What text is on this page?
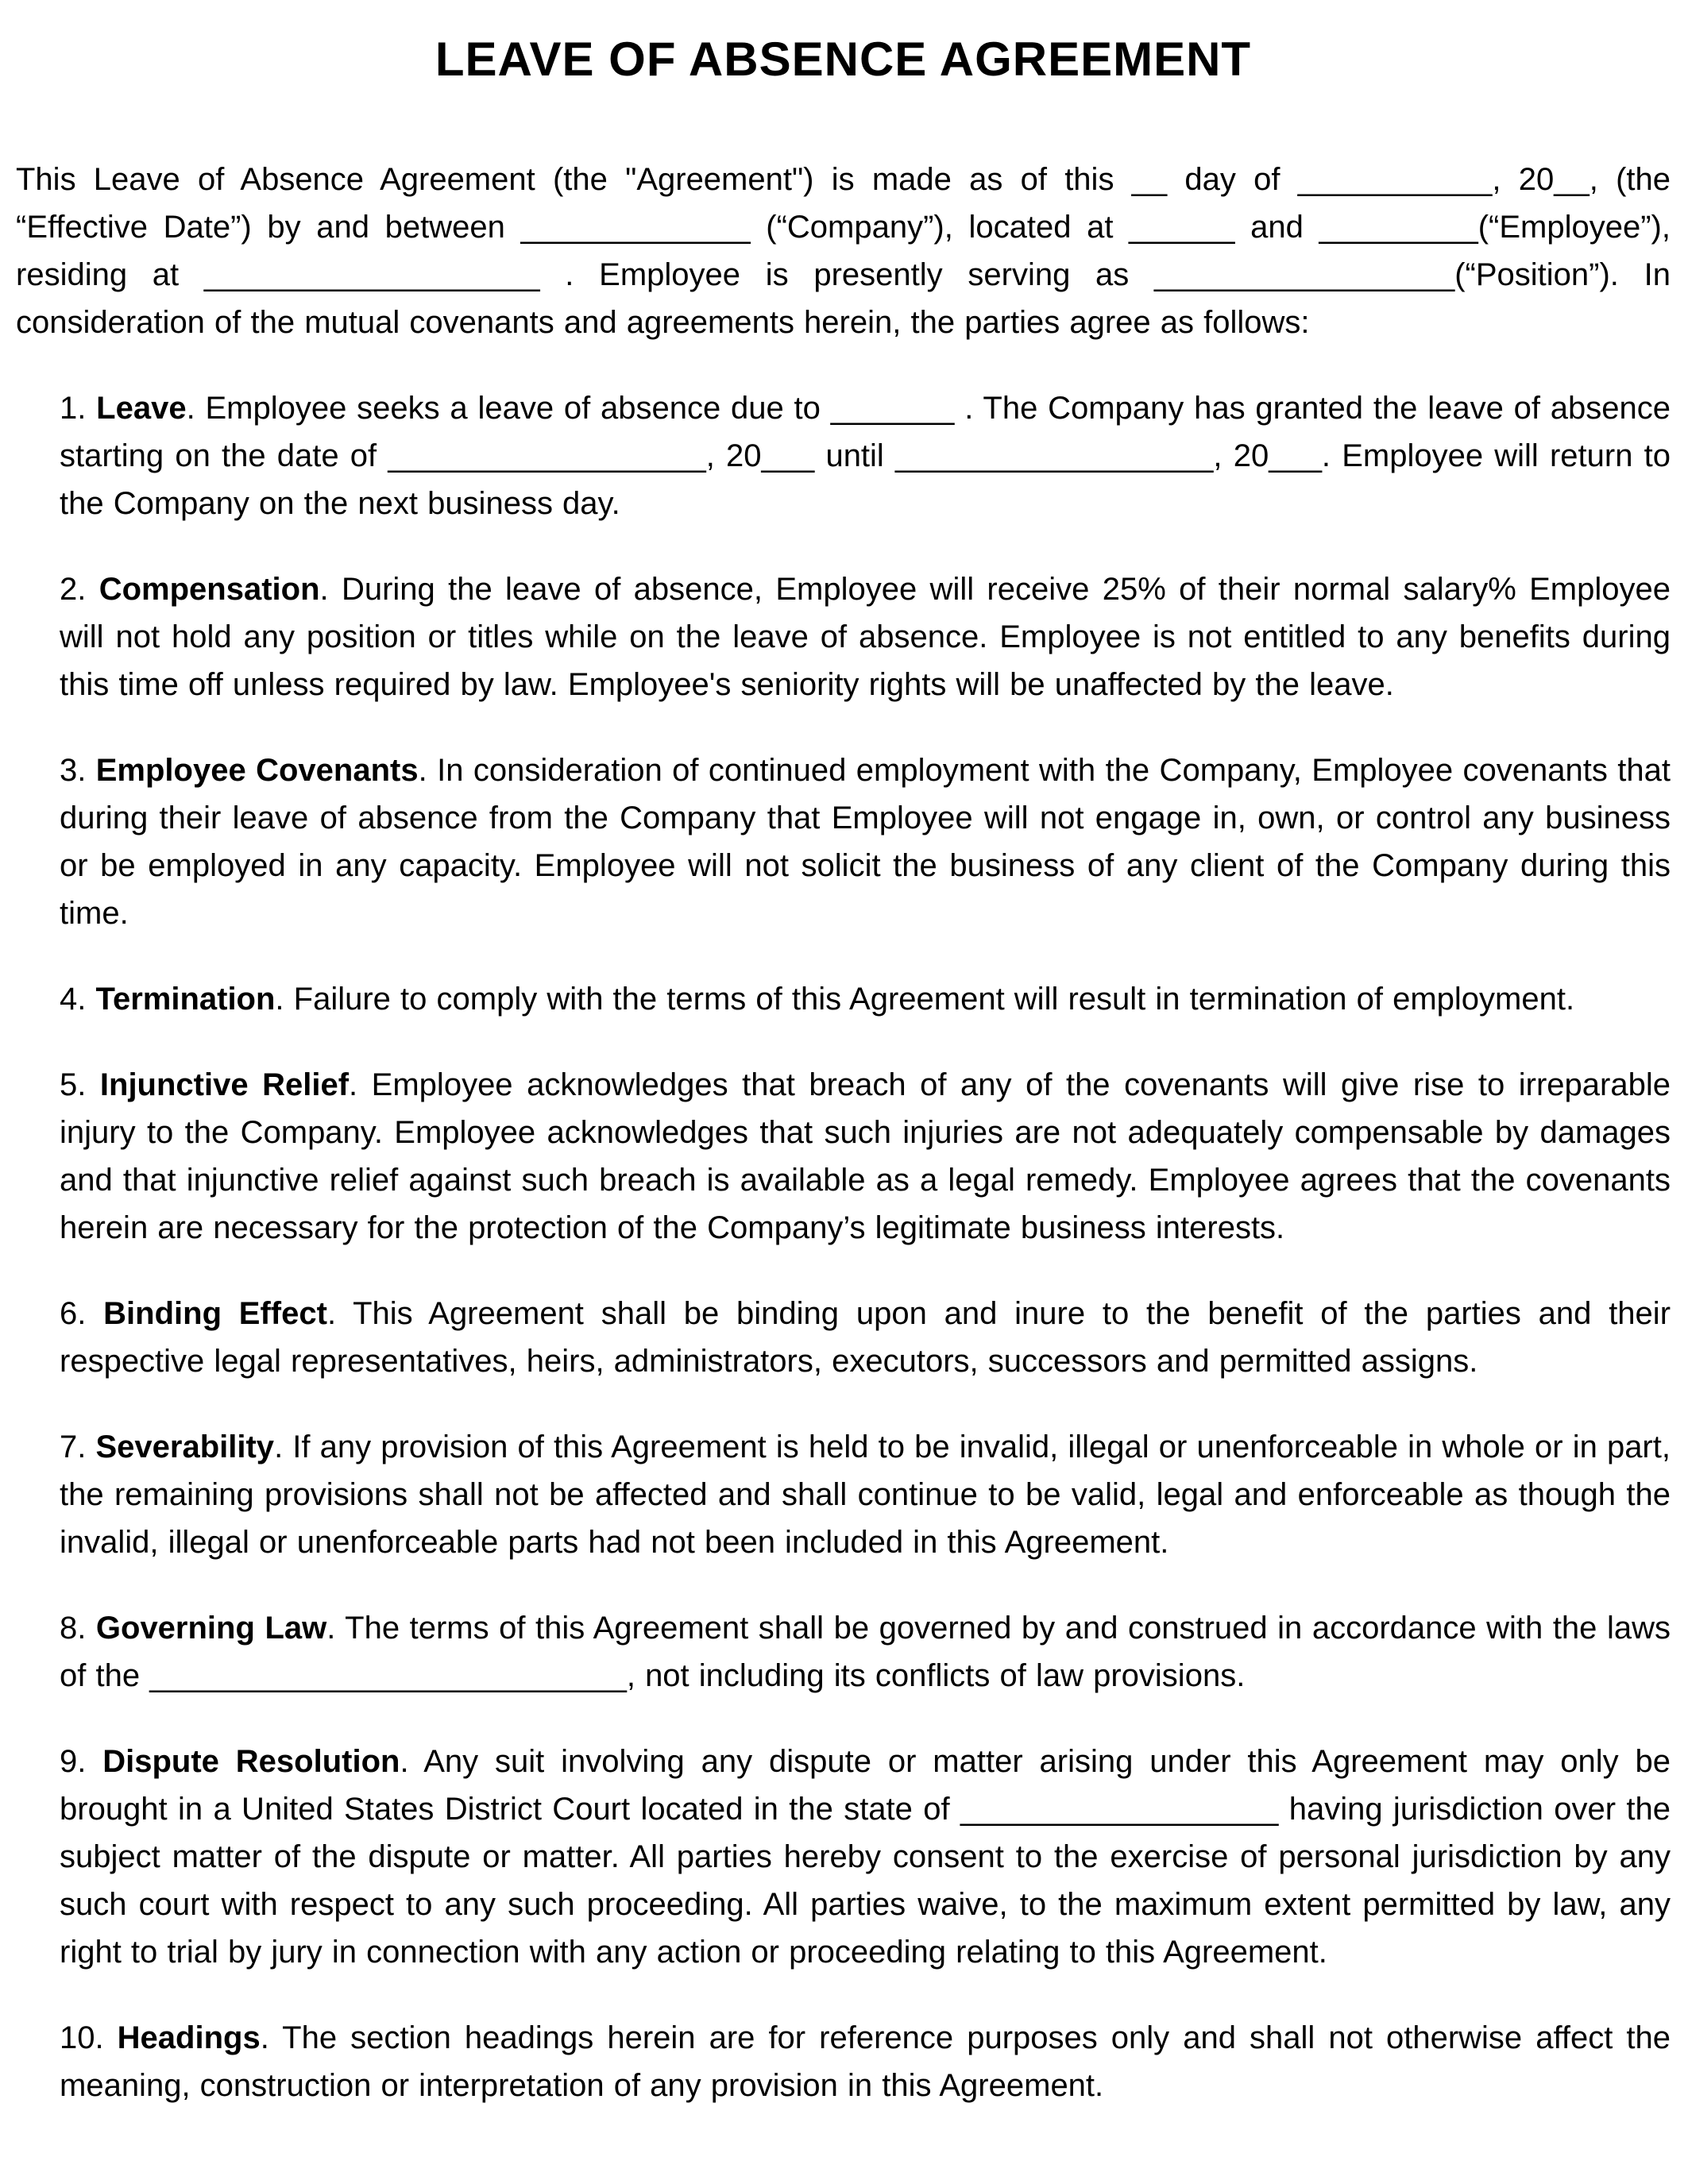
LEAVE OF ABSENCE AGREEMENT

This Leave of Absence Agreement (the "Agreement") is made as of this __ day of ___________, 20__, (the “Effective Date”) by and between _____________ (“Company”), located at ______ and _________(“Employee”), residing at ___________________ . Employee is presently serving as _________________(“Position”). In consideration of the mutual covenants and agreements herein, the parties agree as follows:

1. Leave. Employee seeks a leave of absence due to _______ . The Company has granted the leave of absence starting on the date of __________________, 20___ until __________________, 20___. Employee will return to the Company on the next business day.

2. Compensation. During the leave of absence, Employee will receive 25% of their normal salary% Employee will not hold any position or titles while on the leave of absence. Employee is not entitled to any benefits during this time off unless required by law. Employee's seniority rights will be unaffected by the leave.

3. Employee Covenants. In consideration of continued employment with the Company, Employee covenants that during their leave of absence from the Company that Employee will not engage in, own, or control any business or be employed in any capacity. Employee will not solicit the business of any client of the Company during this time.

4. Termination. Failure to comply with the terms of this Agreement will result in termination of employment.

5. Injunctive Relief. Employee acknowledges that breach of any of the covenants will give rise to irreparable injury to the Company. Employee acknowledges that such injuries are not adequately compensable by damages and that injunctive relief against such breach is available as a legal remedy. Employee agrees that the covenants herein are necessary for the protection of the Company’s legitimate business interests.

6. Binding Effect. This Agreement shall be binding upon and inure to the benefit of the parties and their respective legal representatives, heirs, administrators, executors, successors and permitted assigns.

7. Severability. If any provision of this Agreement is held to be invalid, illegal or unenforceable in whole or in part, the remaining provisions shall not be affected and shall continue to be valid, legal and enforceable as though the invalid, illegal or unenforceable parts had not been included in this Agreement.

8. Governing Law. The terms of this Agreement shall be governed by and construed in accordance with the laws of the ___________________________, not including its conflicts of law provisions.

9. Dispute Resolution. Any suit involving any dispute or matter arising under this Agreement may only be brought in a United States District Court located in the state of __________________ having jurisdiction over the subject matter of the dispute or matter. All parties hereby consent to the exercise of personal jurisdiction by any such court with respect to any such proceeding. All parties waive, to the maximum extent permitted by law, any right to trial by jury in connection with any action or proceeding relating to this Agreement.

10. Headings. The section headings herein are for reference purposes only and shall not otherwise affect the meaning, construction or interpretation of any provision in this Agreement.
